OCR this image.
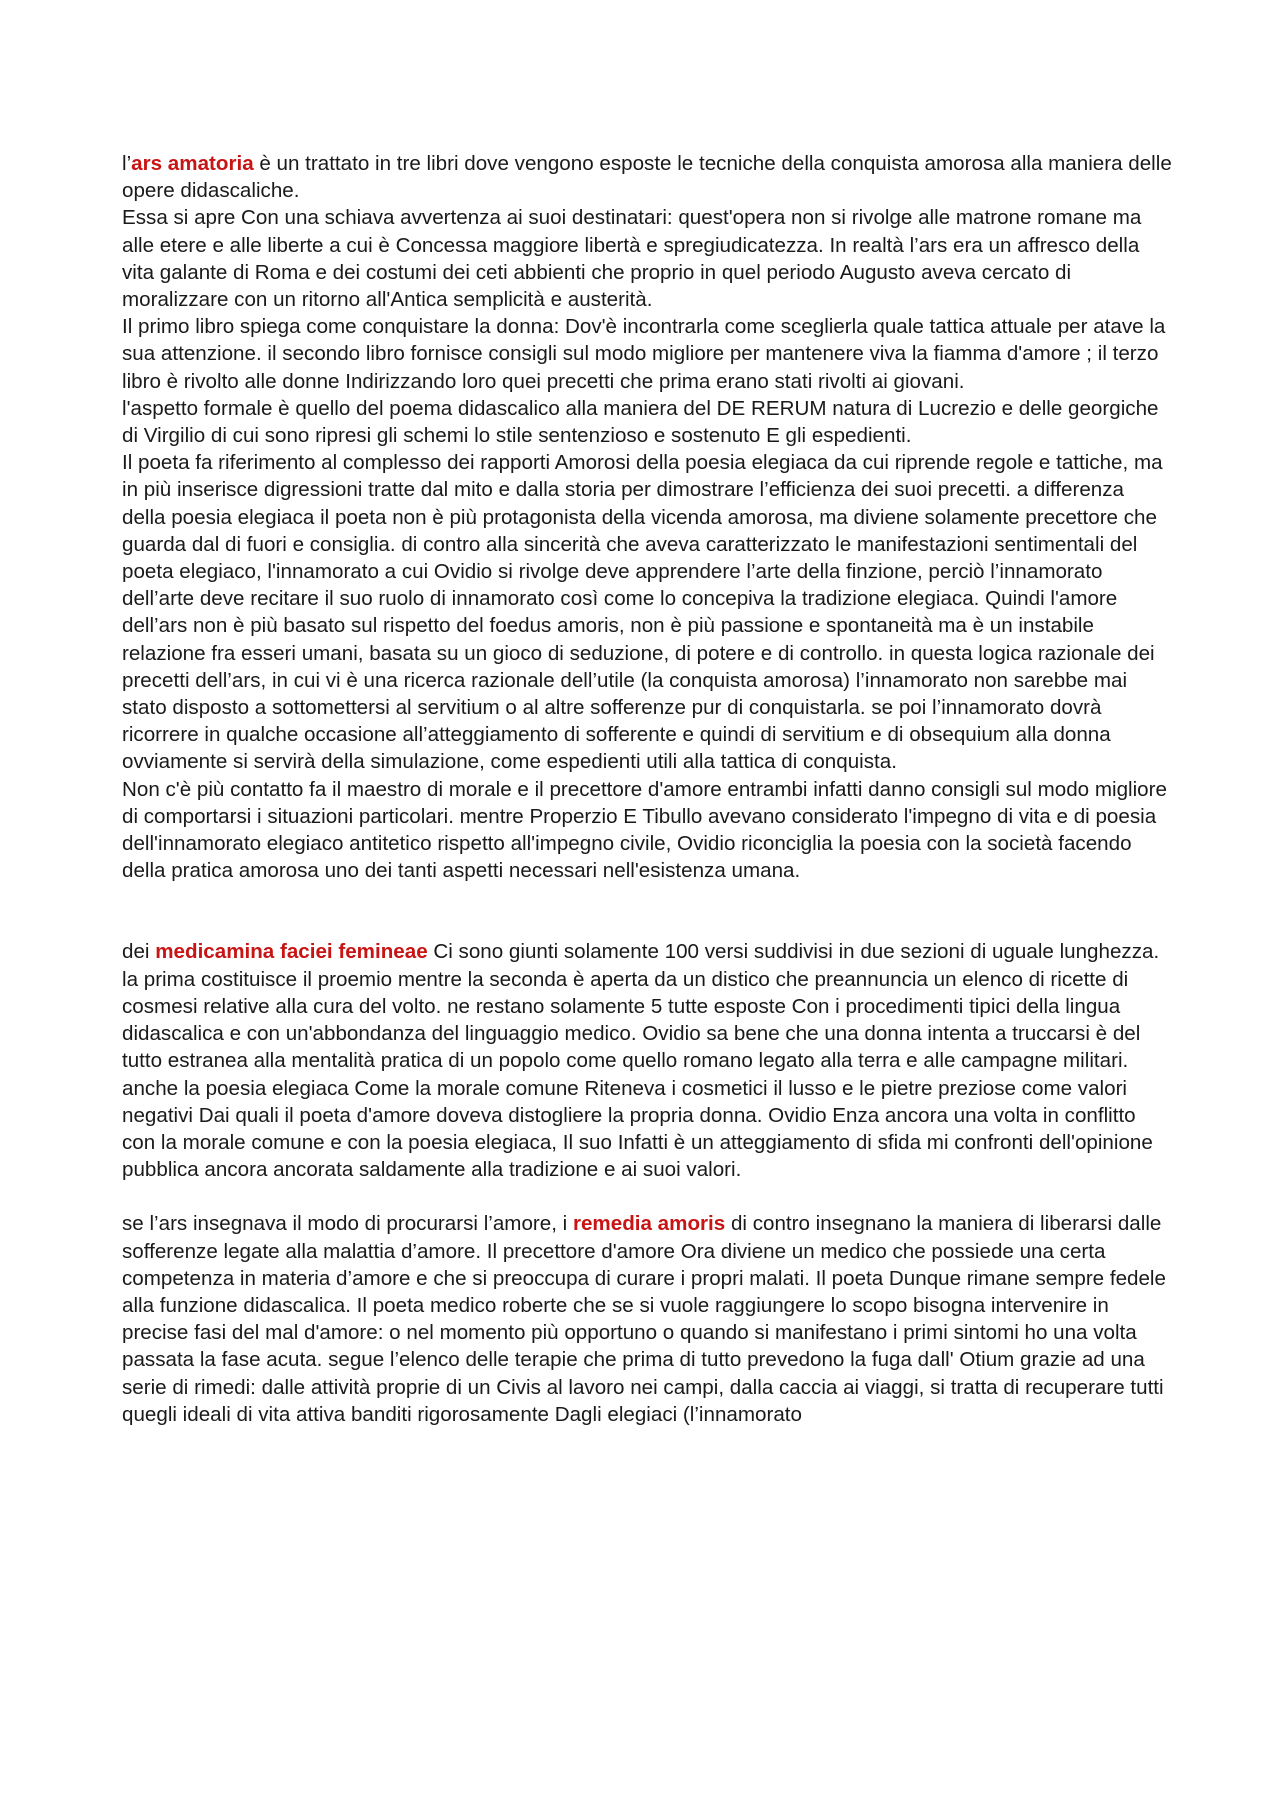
l’ars amatoria è un trattato in tre libri dove vengono esposte le tecniche della conquista amorosa alla maniera delle opere didascaliche.

Essa si apre Con una schiava avvertenza ai suoi destinatari: quest'opera non si rivolge alle matrone romane ma alle etere e alle liberte a cui è Concessa maggiore libertà e spregiudicatezza. In realtà l’ars era un affresco della vita galante di Roma e dei costumi dei ceti abbienti che proprio in quel periodo Augusto aveva cercato di moralizzare con un ritorno all'Antica semplicità e austerità.

Il primo libro spiega come conquistare la donna: Dov'è incontrarla come sceglierla quale tattica attuale per atave la sua attenzione. il secondo libro fornisce consigli sul modo migliore per mantenere viva la fiamma d'amore ; il terzo libro è rivolto alle donne Indirizzando loro quei precetti che prima erano stati rivolti ai giovani.

l'aspetto formale è quello del poema didascalico alla maniera del DE RERUM natura di Lucrezio e delle georgiche di Virgilio di cui sono ripresi gli schemi lo stile sentenzioso e sostenuto E gli espedienti.

Il poeta fa riferimento al complesso dei rapporti Amorosi della poesia elegiaca da cui riprende regole e tattiche, ma in più inserisce digressioni tratte dal mito e dalla storia per dimostrare l’efficienza dei suoi precetti. a differenza della poesia elegiaca il poeta non è più protagonista della vicenda amorosa, ma diviene solamente precettore che guarda dal di fuori e consiglia. di contro alla sincerità che aveva caratterizzato le manifestazioni sentimentali del poeta elegiaco, l'innamorato a cui Ovidio si rivolge deve apprendere l’arte della finzione, perciò l’innamorato dell’arte deve recitare il suo ruolo di innamorato così come lo concepiva la tradizione elegiaca. Quindi l'amore dell’ars non è più basato sul rispetto del foedus amoris, non è più passione e spontaneità ma è un instabile relazione fra esseri umani, basata su un gioco di seduzione, di potere e di controllo. in questa logica razionale dei precetti dell’ars, in cui vi è una ricerca razionale dell’utile (la conquista amorosa) l’innamorato non sarebbe mai stato disposto a sottomettersi al servitium o al altre sofferenze pur di conquistarla. se poi l’innamorato dovrà ricorrere in qualche occasione all’atteggiamento di sofferente e quindi di servitium e di obsequium alla donna ovviamente si servirà della simulazione, come espedienti utili alla tattica di conquista.

Non c'è più contatto fa il maestro di morale e il precettore d'amore entrambi infatti danno consigli sul modo migliore di comportarsi i situazioni particolari. mentre Properzio E Tibullo avevano considerato l'impegno di vita e di poesia dell'innamorato elegiaco antitetico rispetto all'impegno civile, Ovidio riconciglia la poesia con la società facendo della pratica amorosa uno dei tanti aspetti necessari nell'esistenza umana.

dei medicamina faciei femineae Ci sono giunti solamente 100 versi suddivisi in due sezioni di uguale lunghezza. la prima costituisce il proemio mentre la seconda è aperta da un distico che preannuncia un elenco di ricette di cosmesi relative alla cura del volto. ne restano solamente 5 tutte esposte Con i procedimenti tipici della lingua didascalica e con un'abbondanza del linguaggio medico. Ovidio sa bene che una donna intenta a truccarsi è del tutto estranea alla mentalità pratica di un popolo come quello romano legato alla terra e alle campagne militari. anche la poesia elegiaca Come la morale comune Riteneva i cosmetici il lusso e le pietre preziose come valori negativi Dai quali il poeta d'amore doveva distogliere la propria donna. Ovidio Enza ancora una volta in conflitto con la morale comune e con la poesia elegiaca, Il suo Infatti è un atteggiamento di sfida mi confronti dell'opinione pubblica ancora ancorata saldamente alla tradizione e ai suoi valori.

se l’ars insegnava il modo di procurarsi l’amore, i remedia amoris di contro insegnano la maniera di liberarsi dalle sofferenze legate alla malattia d’amore. Il precettore d'amore Ora diviene un medico che possiede una certa competenza in materia d’amore e che si preoccupa di curare i propri malati. Il poeta Dunque rimane sempre fedele alla funzione didascalica. Il poeta medico roberte che se si vuole raggiungere lo scopo bisogna intervenire in precise fasi del mal d'amore: o nel momento più opportuno o quando si manifestano i primi sintomi ho una volta passata la fase acuta. segue l’elenco delle terapie che prima di tutto prevedono la fuga dall' Otium grazie ad una serie di rimedi: dalle attività proprie di un Civis al lavoro nei campi, dalla caccia ai viaggi, si tratta di recuperare tutti quegli ideali di vita attiva banditi rigorosamente Dagli elegiaci (l’innamorato
